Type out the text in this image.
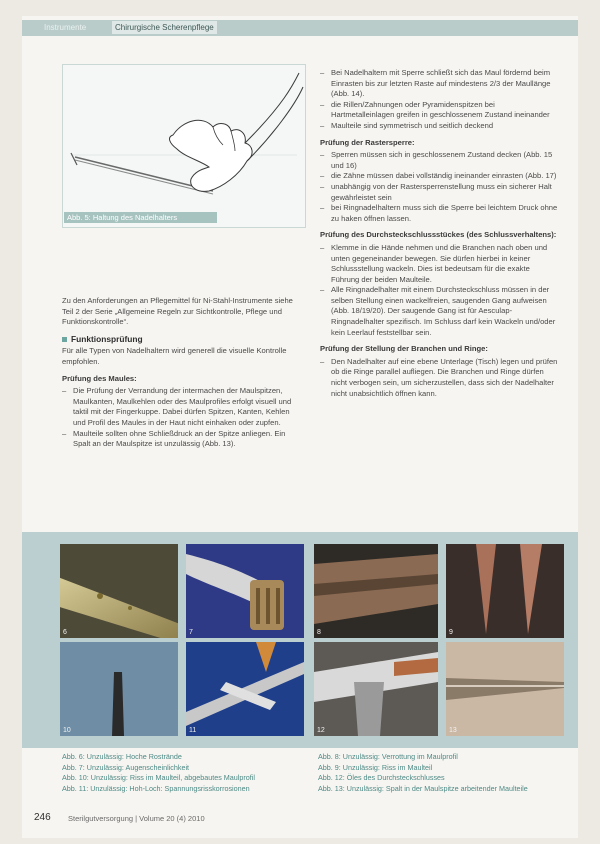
Instrumente	Chirurgische Scherenpflege
Abb. 5: Haltung des Nadelhalters

Zu den Anforderungen an Pflegemittel für Ni-Stahl-Instrumente siehe Teil 2 der Serie „Allgemeine Regeln zur Sichtkontrolle, Pflege und Funktionskontrolle“.

Funktionsprüfung

Für alle Typen von Nadelhaltern wird generell die visuelle Kontrolle empfohlen.

Prüfung des Maules:
– Die Prüfung der Verrandung der intermachen der Maulspitzen, Maulkanten, Maulkehlen oder des Maulprofiles erfolgt visuell und taktil mit der Fingerkuppe. Dabei dürfen Spitzen, Kanten, Kehlen und Profil des Maules in der Haut nicht einhaken oder zupfen.
– Maulteile sollten ohne Schließdruck an der Spitze anliegen. Ein Spalt an der Maulspitze ist unzulässig (Abb. 13).
– Bei Nadelhaltern mit Sperre schließt sich das Maul fördernd beim Einrasten bis zur letzten Raste auf mindestens 2/3 der Maullänge (Abb. 14).
– die Rillen/Zahnungen oder Pyramidenspitzen bei Hartmetalleinlagen greifen in geschlossenem Zustand ineinander
– Maulteile sind symmetrisch und seitlich deckend
Prüfung der Rastersperre:
– Sperren müssen sich in geschlossenem Zustand decken (Abb. 15 und 16)
– die Zähne müssen dabei vollständig ineinander einrasten (Abb. 17)
– unabhängig von der Rastersperrenstellung muss ein sicherer Halt gewährleistet sein
– bei Ringnadelhaltern muss sich die Sperre bei leichtem Druck ohne zu haken öffnen lassen.
Prüfung des Durchsteckschlussstückes (des Schlussverhaltens):
– Klemme in die Hände nehmen und die Branchen nach oben und unten gegeneinander bewegen. Sie dürfen hierbei in keiner Schlussstellung wackeln. Dies ist bedeutsam für die exakte Führung der beiden Maulteile.
– Alle Ringnadelhalter mit einem Durchsteckschluss müssen in der selben Stellung einen wackelfreien, saugenden Gang aufweisen (Abb. 18/19/20). Der saugende Gang ist für Aesculap-Ringnadelhalter spezifisch. Im Schluss darf kein Wackeln und/oder kein Leerlauf feststellbar sein.
Prüfung der Stellung der Branchen und Ringe:
– Den Nadelhalter auf eine ebene Unterlage (Tisch) legen und prüfen ob die Ringe parallel aufliegen. Die Branchen und Ringe dürfen nicht verbogen sein, um sicherzustellen, dass sich der Nadelhalter nicht unabsichtlich öffnen kann.
6	7	8	9
10	11	12	13
Abb. 6: Unzulässig: Hoche Rostrände
Abb. 7: Unzulässig: Augenscheinlichkeit
Abb. 10: Unzulässig: Riss im Maulteil, abgebautes Maulprofil
Abb. 11: Unzulässig: Hoh-Loch: Spannungsrisskorrosionen
Abb. 8: Unzulässig: Verrottung im Maulprofil
Abb. 9: Unzulässig: Riss im Maulteil
Abb. 12: Öles des Durchsteckschlusses
Abb. 13: Unzulässig: Spalt in der Maulspitze arbeitender Maulteile
246 Sterilgutversorgung | Volume 20 (4) 2010
